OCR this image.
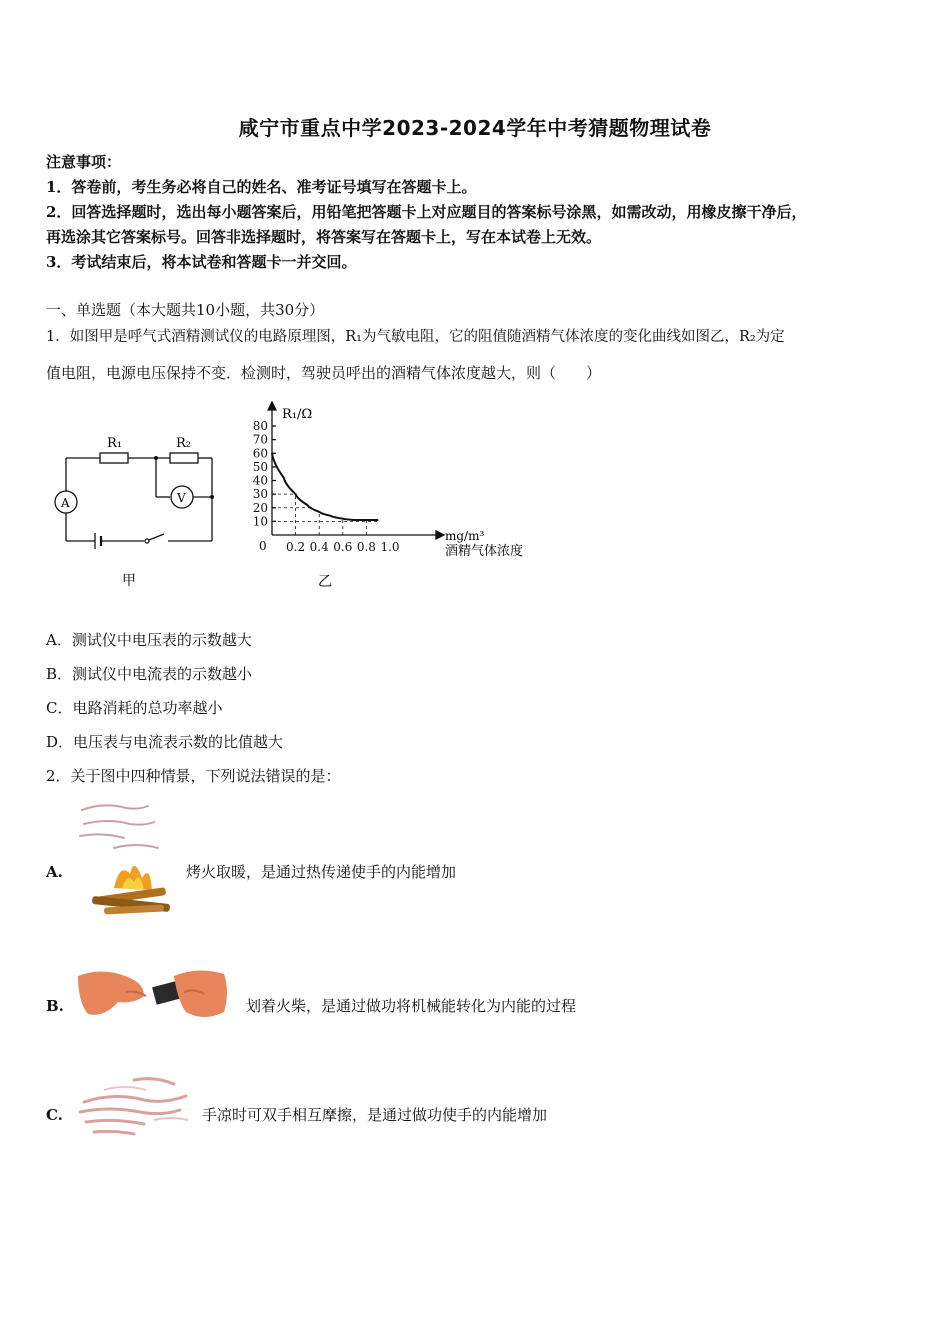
咸宁市重点中学2023-2024学年中考猜题物理试卷
注意事项：
1．答卷前，考生务必将自己的姓名、准考证号填写在答题卡上。
2．回答选择题时，选出每小题答案后，用铅笔把答题卡上对应题目的答案标号涂黑，如需改动，用橡皮擦干净后，
再选涂其它答案标号。回答非选择题时，将答案写在答题卡上，写在本试卷上无效。
3．考试结束后，将本试卷和答题卡一并交回。
一、单选题（本大题共10小题，共30分）
1．如图甲是呼气式酒精测试仪的电路原理图，R₁为气敏电阻，它的阻值随酒精气体浓度的变化曲线如图乙，R₂为定
值电阻，电源电压保持不变．检测时，驾驶员呼出的酒精气体浓度越大，则（　　）
R₁	R₂
A	V
甲
10
20
30
40
50
60
70
80
0.2 0.4 0.6 0.8 1.0
R₁/Ω
mg/m³
酒精气体浓度
0
乙
A．测试仪中电压表的示数越大
B．测试仪中电流表的示数越小
C．电路消耗的总功率越小
D．电压表与电流表示数的比值越大
2．关于图中四种情景，下列说法错误的是：
A.	烤火取暖，是通过热传递使手的内能增加
B.	划着火柴，是通过做功将机械能转化为内能的过程
C.	手凉时可双手相互摩擦，是通过做功使手的内能增加
